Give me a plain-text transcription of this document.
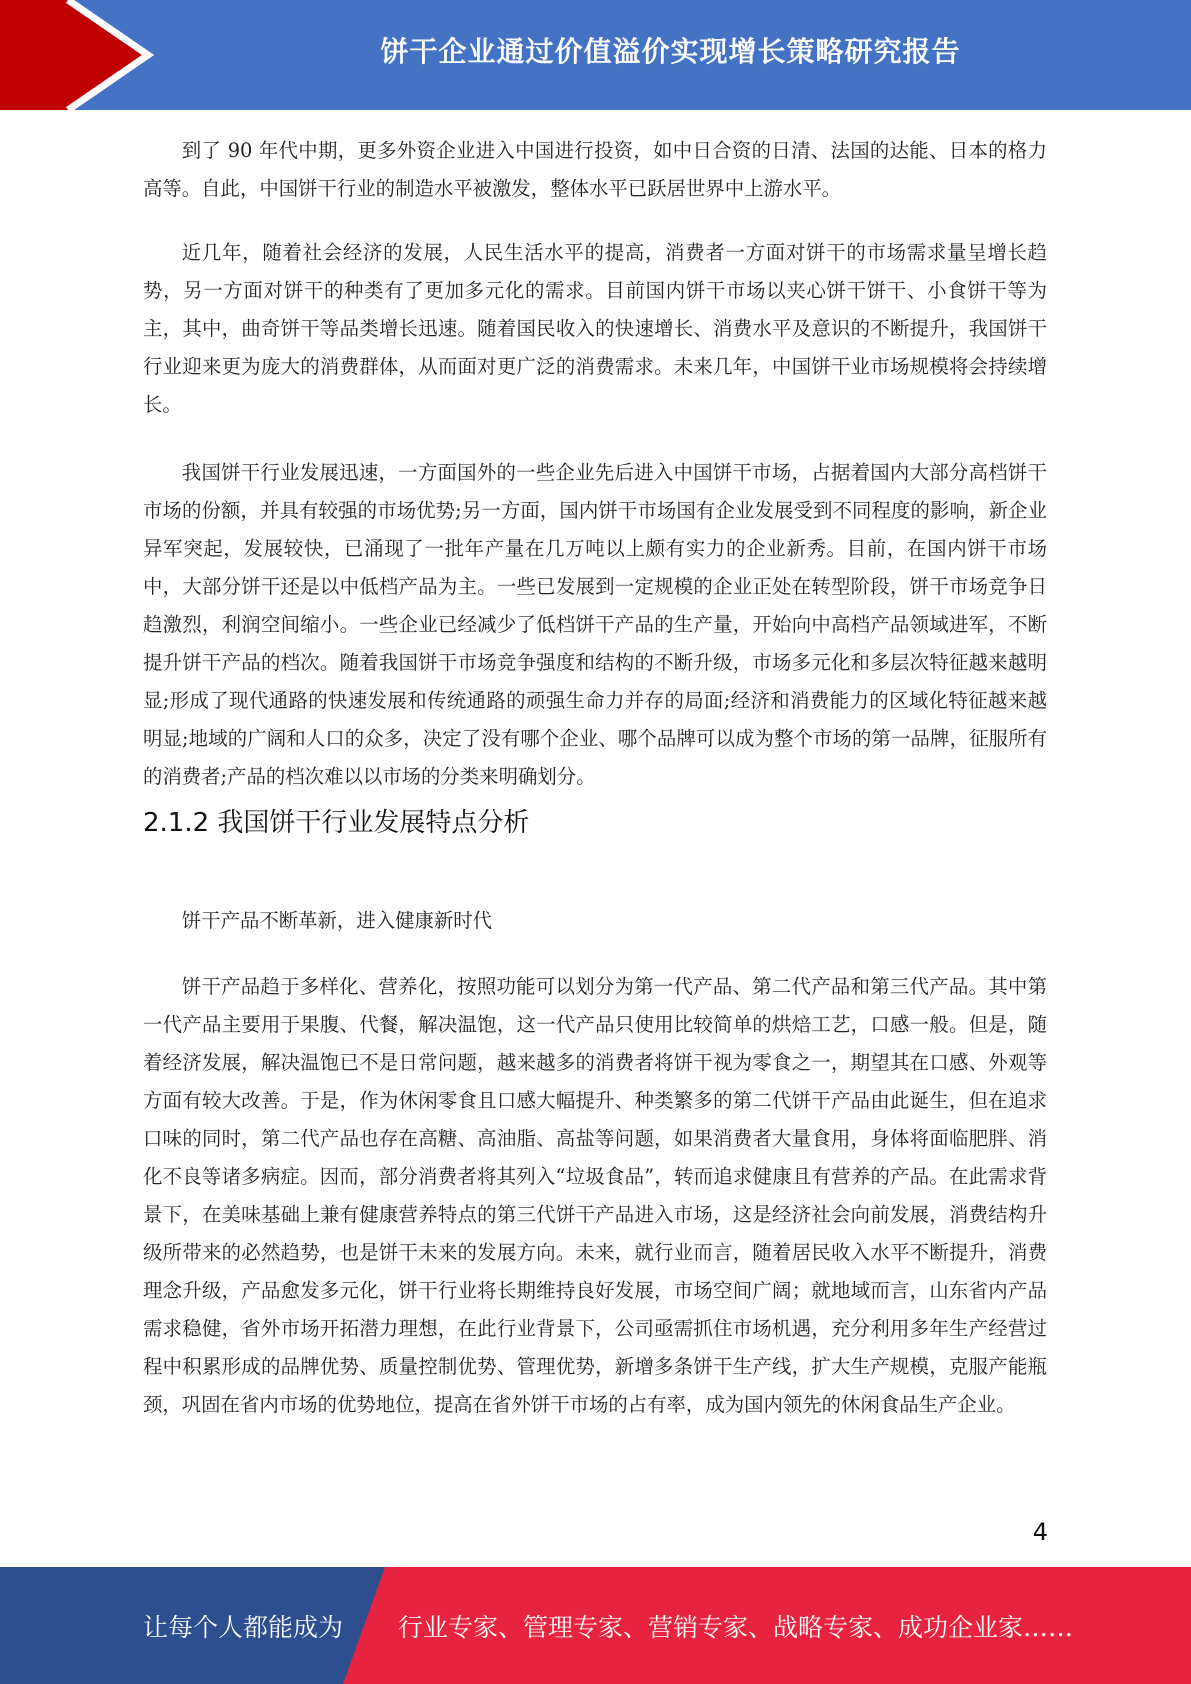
饼干企业通过价值溢价实现增长策略研究报告

到了 90 年代中期，更多外资企业进入中国进行投资，如中日合资的日清、法国的达能、日本的格力高等。自此，中国饼干行业的制造水平被激发，整体水平已跃居世界中上游水平。

近几年，随着社会经济的发展，人民生活水平的提高，消费者一方面对饼干的市场需求量呈增长趋势，另一方面对饼干的种类有了更加多元化的需求。目前国内饼干市场以夹心饼干饼干、小食饼干等为主，其中，曲奇饼干等品类增长迅速。随着国民收入的快速增长、消费水平及意识的不断提升，我国饼干行业迎来更为庞大的消费群体，从而面对更广泛的消费需求。未来几年，中国饼干业市场规模将会持续增长。

我国饼干行业发展迅速，一方面国外的一些企业先后进入中国饼干市场，占据着国内大部分高档饼干市场的份额，并具有较强的市场优势;另一方面，国内饼干市场国有企业发展受到不同程度的影响，新企业异军突起，发展较快，已涌现了一批年产量在几万吨以上颇有实力的企业新秀。目前，在国内饼干市场中，大部分饼干还是以中低档产品为主。一些已发展到一定规模的企业正处在转型阶段，饼干市场竞争日趋激烈，利润空间缩小。一些企业已经减少了低档饼干产品的生产量，开始向中高档产品领域进军，不断提升饼干产品的档次。随着我国饼干市场竞争强度和结构的不断升级，市场多元化和多层次特征越来越明显;形成了现代通路的快速发展和传统通路的顽强生命力并存的局面;经济和消费能力的区域化特征越来越明显;地域的广阔和人口的众多，决定了没有哪个企业、哪个品牌可以成为整个市场的第一品牌，征服所有的消费者;产品的档次难以以市场的分类来明确划分。

2.1.2 我国饼干行业发展特点分析

饼干产品不断革新，进入健康新时代

饼干产品趋于多样化、营养化，按照功能可以划分为第一代产品、第二代产品和第三代产品。其中第一代产品主要用于果腹、代餐，解决温饱，这一代产品只使用比较简单的烘焙工艺，口感一般。但是，随着经济发展，解决温饱已不是日常问题，越来越多的消费者将饼干视为零食之一，期望其在口感、外观等方面有较大改善。于是，作为休闲零食且口感大幅提升、种类繁多的第二代饼干产品由此诞生，但在追求口味的同时，第二代产品也存在高糖、高油脂、高盐等问题，如果消费者大量食用，身体将面临肥胖、消化不良等诸多病症。因而，部分消费者将其列入“垃圾食品”，转而追求健康且有营养的产品。在此需求背景下，在美味基础上兼有健康营养特点的第三代饼干产品进入市场，这是经济社会向前发展，消费结构升级所带来的必然趋势，也是饼干未来的发展方向。未来，就行业而言，随着居民收入水平不断提升，消费理念升级，产品愈发多元化，饼干行业将长期维持良好发展，市场空间广阔；就地域而言，山东省内产品需求稳健，省外市场开拓潜力理想，在此行业背景下，公司亟需抓住市场机遇，充分利用多年生产经营过程中积累形成的品牌优势、质量控制优势、管理优势，新增多条饼干生产线，扩大生产规模，克服产能瓶颈，巩固在省内市场的优势地位，提高在省外饼干市场的占有率，成为国内领先的休闲食品生产企业。

4
让每个人都能成为 行业专家、管理专家、营销专家、战略专家、成功企业家……
